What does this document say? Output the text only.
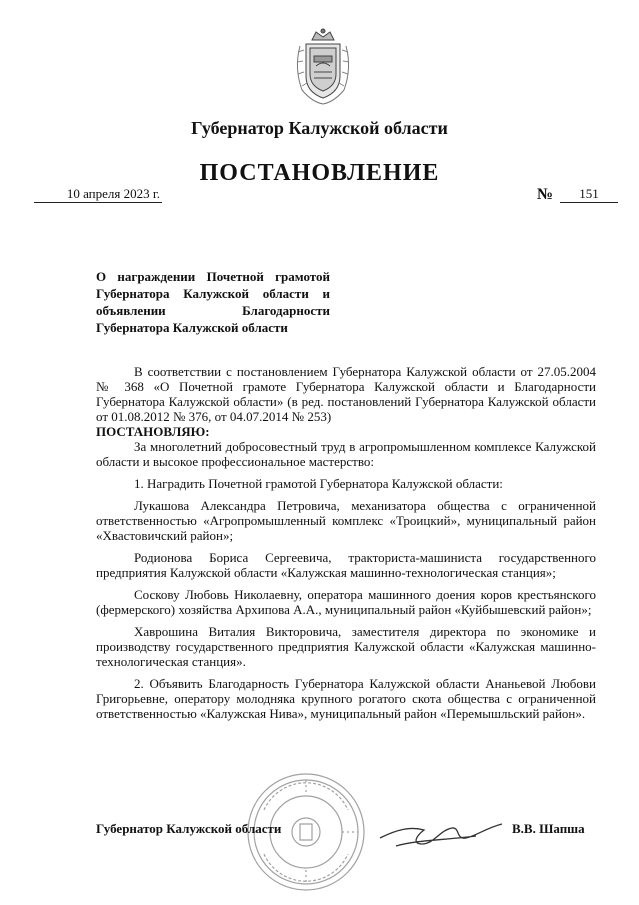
Губернатор Калужской области
ПОСТАНОВЛЕНИЕ
10 апреля 2023 г.	№	151
О награждении Почетной грамотой Губернатора Калужской области и объявлении Благодарности Губернатора Калужской области

В соответствии с постановлением Губернатора Калужской области от 27.05.2004 № 368 «О Почетной грамоте Губернатора Калужской области и Благодарности Губернатора Калужской области» (в ред. постановлений Губернатора Калужской области от 01.08.2012 № 376, от 04.07.2014 № 253)

ПОСТАНОВЛЯЮ:

За многолетний добросовестный труд в агропромышленном комплексе Калужской области и высокое профессиональное мастерство:

1. Наградить Почетной грамотой Губернатора Калужской области:

Лукашова Александра Петровича, механизатора общества с ограниченной ответственностью «Агропромышленный комплекс «Троицкий», муниципальный район «Хвастовичский район»;

Родионова Бориса Сергеевича, тракториста-машиниста государственного предприятия Калужской области «Калужская машинно-технологическая станция»;

Соскову Любовь Николаевну, оператора машинного доения коров крестьянского (фермерского) хозяйства Архипова А.А., муниципальный район «Куйбышевский район»;

Хаврошина Виталия Викторовича, заместителя директора по экономике и производству государственного предприятия Калужской области «Калужская машинно-технологическая станция».

2. Объявить Благодарность Губернатора Калужской области Ананьевой Любови Григорьевне, оператору молодняка крупного рогатого скота общества с ограниченной ответственностью «Калужская Нива», муниципальный район «Перемышльский район».

Губернатор Калужской области	В.В. Шапша
